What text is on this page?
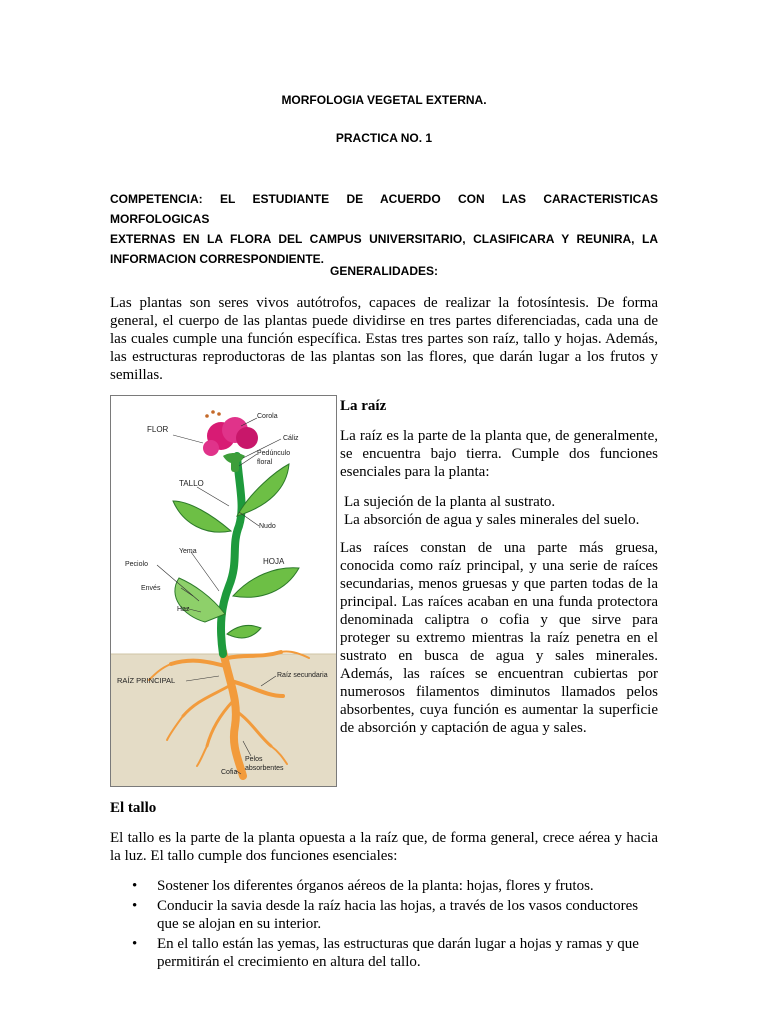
MORFOLOGIA VEGETAL EXTERNA.
PRACTICA NO. 1
COMPETENCIA: EL ESTUDIANTE DE ACUERDO CON LAS CARACTERISTICAS MORFOLOGICAS
EXTERNAS EN LA FLORA DEL CAMPUS UNIVERSITARIO, CLASIFICARA Y REUNIRA, LA
INFORMACION CORRESPONDIENTE.
GENERALIDADES:
Las plantas son seres vivos autótrofos, capaces de realizar la fotosíntesis. De forma general, el cuerpo de las plantas puede dividirse en tres partes diferenciadas, cada una de las cuales cumple una función específica. Estas tres partes son raíz, tallo y hojas. Además, las estructuras reproductoras de las plantas son las flores, que darán lugar a los frutos y semillas.
FLOR
Corola
Cáliz
Pedúnculo
floral
TALLO
Nudo
Yema
Peciolo	HOJA
Envés
Haz
RAÍZ PRINCIPAL
Raíz secundaria
Pelos
absorbentes
Cofia
La raíz
La raíz es la parte de la planta que, de generalmente, se encuentra bajo tierra. Cumple dos funciones esenciales para la planta:
La sujeción de la planta al sustrato.
La absorción de agua y sales minerales del suelo.
Las raíces constan de una parte más gruesa, conocida como raíz principal, y una serie de raíces secundarias, menos gruesas y que parten todas de la principal. Las raíces acaban en una funda protectora denominada caliptra o cofia y que sirve para proteger su extremo mientras la raíz penetra en el sustrato en busca de agua y sales minerales. Además, las raíces se encuentran cubiertas por numerosos filamentos diminutos llamados pelos absorbentes, cuya función es aumentar la superficie de absorción y captación de agua y sales.
El tallo
El tallo es la parte de la planta opuesta a la raíz que, de forma general, crece aérea y hacia la luz. El tallo cumple dos funciones esenciales:
• Sostener los diferentes órganos aéreos de la planta: hojas, flores y frutos.
• Conducir la savia desde la raíz hacia las hojas, a través de los vasos conductores que se alojan en su interior.
• En el tallo están las yemas, las estructuras que darán lugar a hojas y ramas y que permitirán el crecimiento en altura del tallo.
